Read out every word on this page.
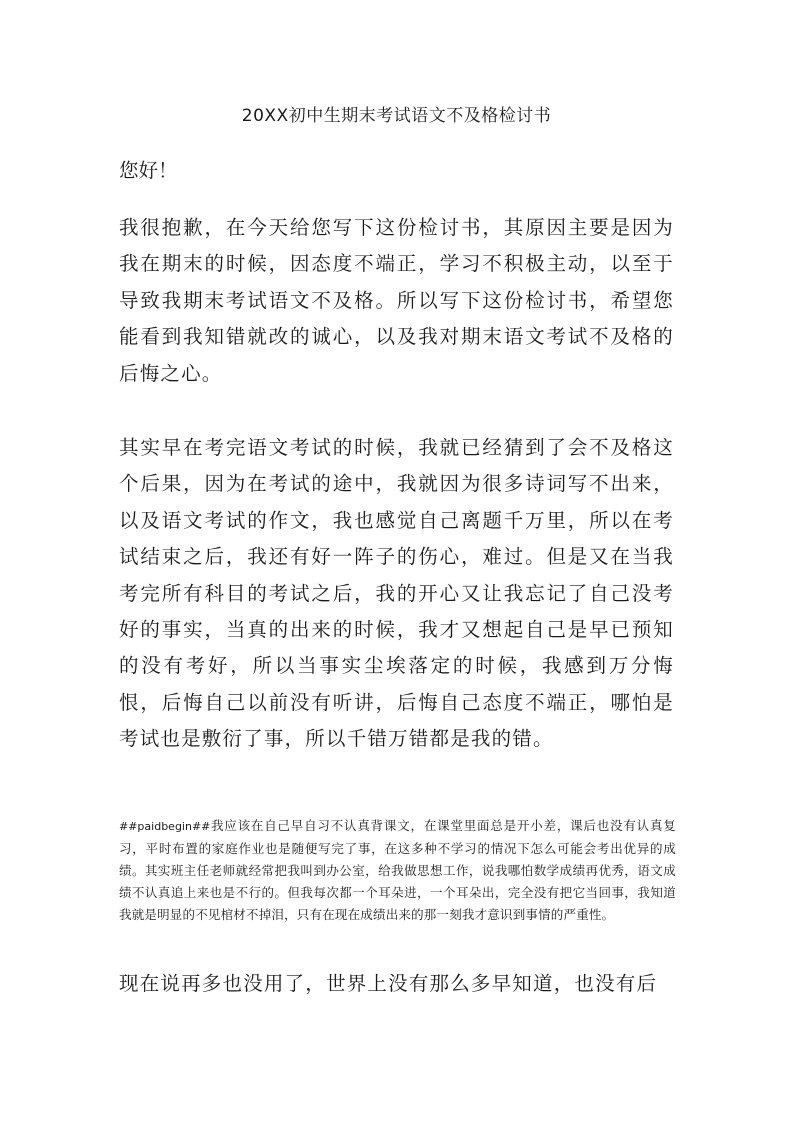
20XX初中生期末考试语文不及格检讨书

您好！

我很抱歉，在今天给您写下这份检讨书，其原因主要是因为我在期末的时候，因态度不端正，学习不积极主动，以至于导致我期末考试语文不及格。所以写下这份检讨书，希望您能看到我知错就改的诚心，以及我对期末语文考试不及格的后悔之心。

其实早在考完语文考试的时候，我就已经猜到了会不及格这个后果，因为在考试的途中，我就因为很多诗词写不出来，以及语文考试的作文，我也感觉自己离题千万里，所以在考试结束之后，我还有好一阵子的伤心，难过。但是又在当我考完所有科目的考试之后，我的开心又让我忘记了自己没考好的事实，当真的出来的时候，我才又想起自己是早已预知的没有考好，所以当事实尘埃落定的时候，我感到万分悔恨，后悔自己以前没有听讲，后悔自己态度不端正，哪怕是考试也是敷衍了事，所以千错万错都是我的错。

##paidbegin##我应该在自己早自习不认真背课文，在课堂里面总是开小差，课后也没有认真复习，平时布置的家庭作业也是随便写完了事，在这多种不学习的情况下怎么可能会考出优异的成绩。其实班主任老师就经常把我叫到办公室，给我做思想工作，说我哪怕数学成绩再优秀，语文成绩不认真追上来也是不行的。但我每次都一个耳朵进，一个耳朵出，完全没有把它当回事，我知道我就是明显的不见棺材不掉泪，只有在现在成绩出来的那一刻我才意识到事情的严重性。

现在说再多也没用了，世界上没有那么多早知道，也没有后
